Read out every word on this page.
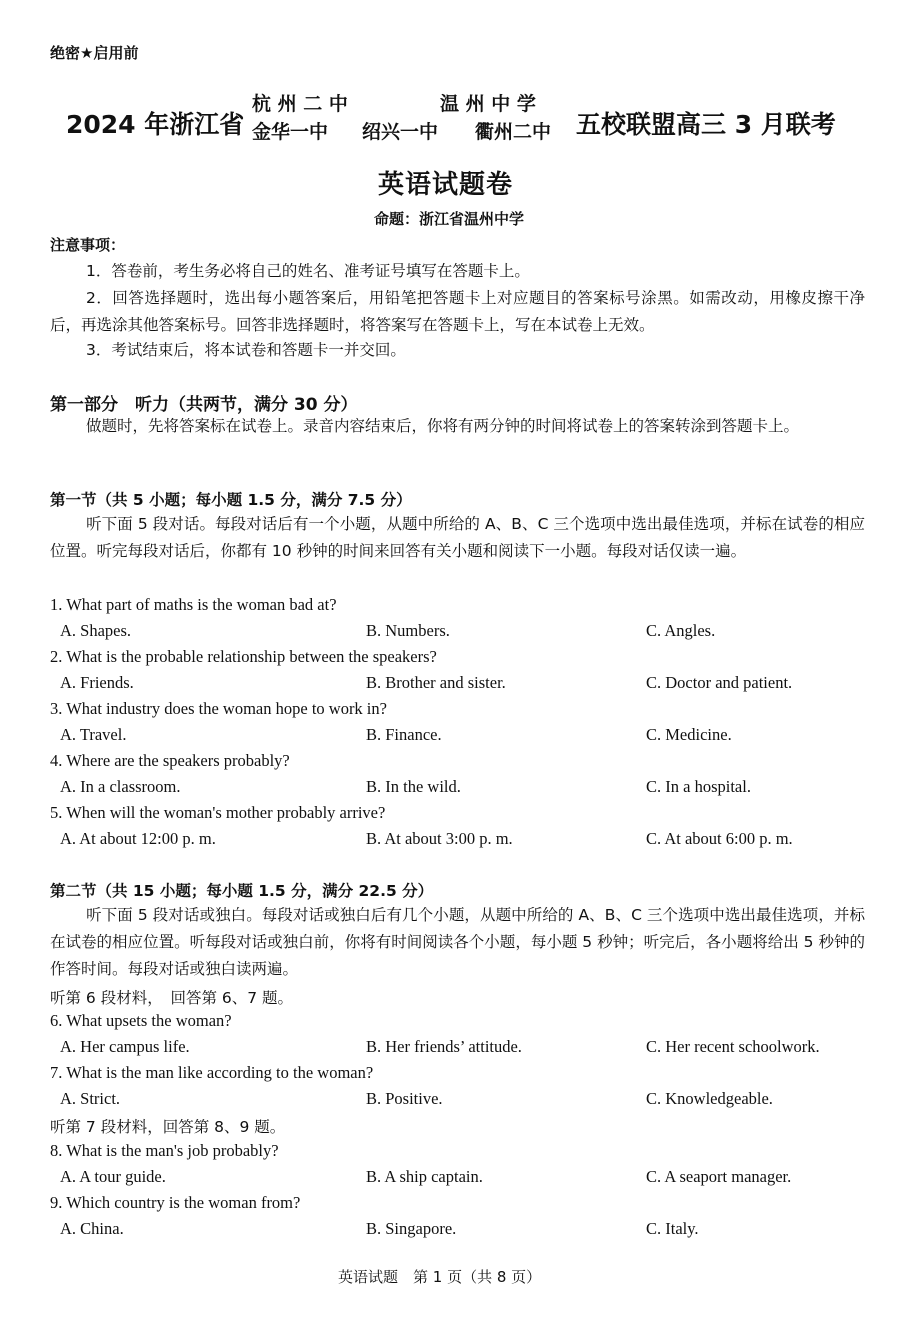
绝密★启用前
2024 年浙江省
杭 州 二 中	温 州 中 学
金华一中 绍兴一中 衢州二中 五校联盟高三 3 月联考
英语试题卷
命题：浙江省温州中学
注意事项：
1．答卷前，考生务必将自己的姓名、准考证号填写在答题卡上。
2．回答选择题时，选出每小题答案后，用铅笔把答题卡上对应题目的答案标号涂黑。如需改动，用橡皮擦干净后，再选涂其他答案标号。回答非选择题时，将答案写在答题卡上，写在本试卷上无效。
3．考试结束后，将本试卷和答题卡一并交回。
第一部分　听力（共两节，满分 30 分）
做题时，先将答案标在试卷上。录音内容结束后，你将有两分钟的时间将试卷上的答案转涂到答题卡上。
第一节（共 5 小题；每小题 1.5 分，满分 7.5 分）
听下面 5 段对话。每段对话后有一个小题，从题中所给的 A、B、C 三个选项中选出最佳选项，并标在试卷的相应位置。听完每段对话后，你都有 10 秒钟的时间来回答有关小题和阅读下一小题。每段对话仅读一遍。
1. What part of maths is the woman bad at?
A. Shapes.	B. Numbers.	C. Angles.
2. What is the probable relationship between the speakers?
A. Friends.	B. Brother and sister.	C. Doctor and patient.
3. What industry does the woman hope to work in?
A. Travel.	B. Finance.	C. Medicine.
4. Where are the speakers probably?
A. In a classroom.	B. In the wild.	C. In a hospital.
5. When will the woman's mother probably arrive?
A. At about 12:00 p. m.	B. At about 3:00 p. m.	C. At about 6:00 p. m.
第二节（共 15 小题；每小题 1.5 分，满分 22.5 分）
听下面 5 段对话或独白。每段对话或独白后有几个小题，从题中所给的 A、B、C 三个选项中选出最佳选项，并标在试卷的相应位置。听每段对话或独白前，你将有时间阅读各个小题，每小题 5 秒钟；听完后，各小题将给出 5 秒钟的作答时间。每段对话或独白读两遍。
听第 6 段材料，　回答第 6、7 题。
6. What upsets the woman?
A. Her campus life.	B. Her friends’ attitude.	C. Her recent schoolwork.
7. What is the man like according to the woman?
A. Strict.	B. Positive.	C. Knowledgeable.
听第 7 段材料，回答第 8、9 题。
8. What is the man's job probably?
A. A tour guide.	B. A ship captain.	C. A seaport manager.
9. Which country is the woman from?
A. China.	B. Singapore.	C. Italy.
英语试题　第 1 页（共 8 页）
